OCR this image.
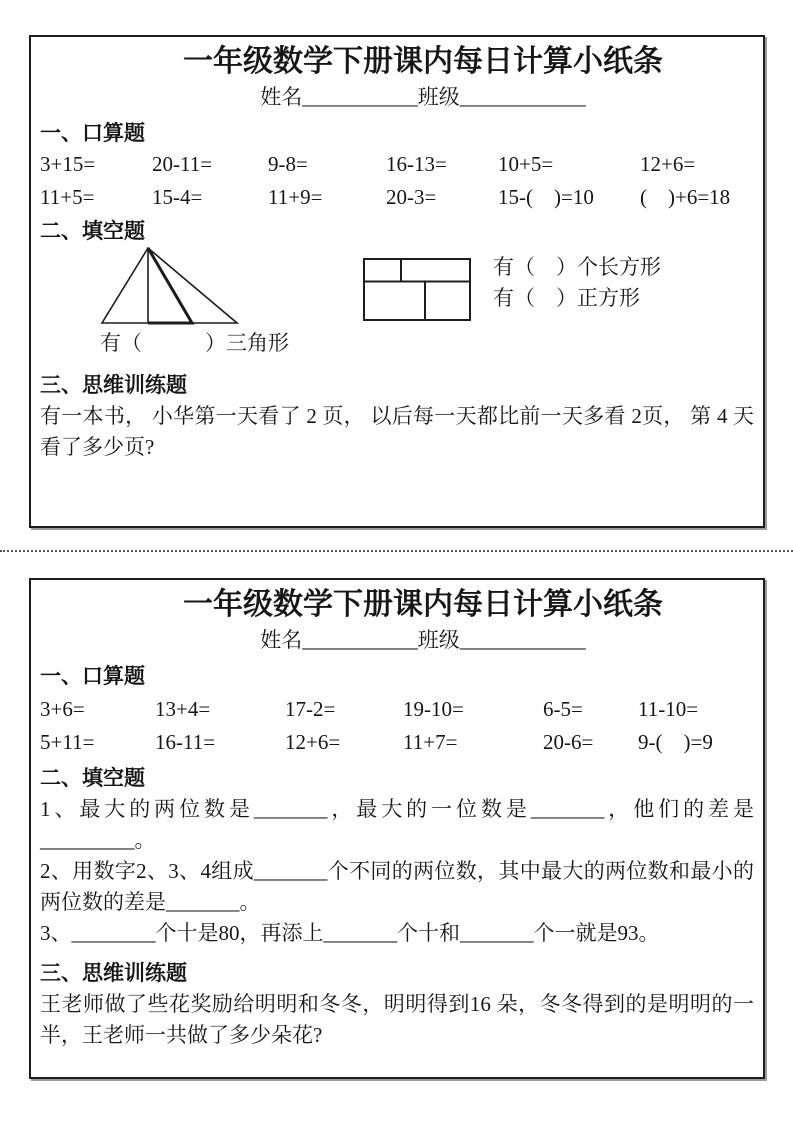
一年级数学下册课内每日计算小纸条
姓名___________班级____________
一、口算题
3+15=	20-11=	9-8=	16-13=	10+5=	12+6=
11+5=	15-4=	11+9=	20-3=	15-(　)=10	(　)+6=18
二、填空题
有（　　　）三角形
有（　）个长方形
有（　）正方形
三、思维训练题
有一本书， 小华第一天看了 2 页， 以后每一天都比前一天多看 2页， 第 4 天看了多少页?
一年级数学下册课内每日计算小纸条
姓名___________班级____________
一、口算题
3+6=	13+4=	17-2=	19-10=	6-5=	11-10=
5+11=	16-11=	12+6=	11+7=	20-6=	9-(　)=9
二、填空题
1、最大的两位数是_______，最大的一位数是_______，他们的差是_________。
2、用数字2、3、4组成_______个不同的两位数，其中最大的两位数和最小的两位数的差是_______。
3、________个十是80，再添上_______个十和_______个一就是93。
三、思维训练题
王老师做了些花奖励给明明和冬冬，明明得到16 朵，冬冬得到的是明明的一半，王老师一共做了多少朵花?
